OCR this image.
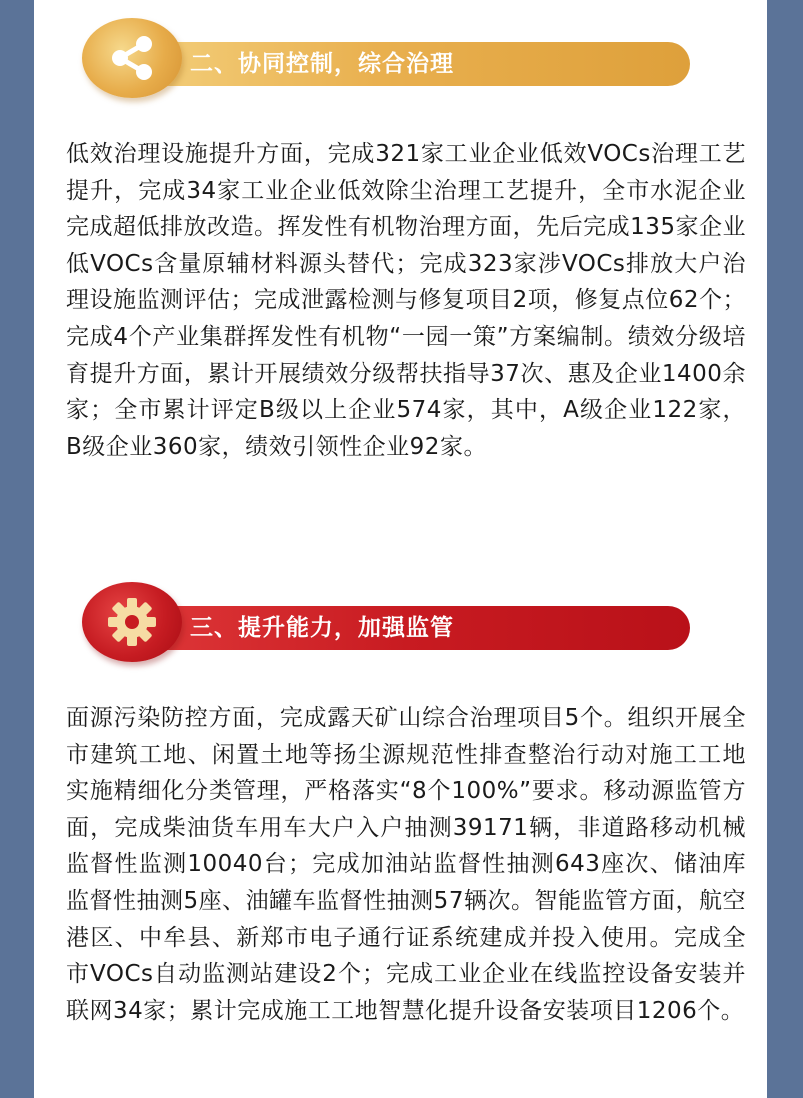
二、协同控制，综合治理

低效治理设施提升方面，完成321家工业企业低效VOCs治理工艺提升，完成34家工业企业低效除尘治理工艺提升，全市水泥企业完成超低排放改造。挥发性有机物治理方面，先后完成135家企业低VOCs含量原辅材料源头替代；完成323家涉VOCs排放大户治理设施监测评估；完成泄露检测与修复项目2项，修复点位62个；完成4个产业集群挥发性有机物“一园一策”方案编制。绩效分级培育提升方面，累计开展绩效分级帮扶指导37次、惠及企业1400余家；全市累计评定B级以上企业574家，其中，A级企业122家，B级企业360家，绩效引领性企业92家。

三、提升能力，加强监管

面源污染防控方面，完成露天矿山综合治理项目5个。组织开展全市建筑工地、闲置土地等扬尘源规范性排查整治行动对施工工地实施精细化分类管理，严格落实“8个100%”要求。移动源监管方面，完成柴油货车用车大户入户抽测39171辆，非道路移动机械监督性监测10040台；完成加油站监督性抽测643座次、储油库监督性抽测5座、油罐车监督性抽测57辆次。智能监管方面，航空港区、中牟县、新郑市电子通行证系统建成并投入使用。完成全市VOCs自动监测站建设2个；完成工业企业在线监控设备安装并联网34家；累计完成施工工地智慧化提升设备安装项目1206个。
